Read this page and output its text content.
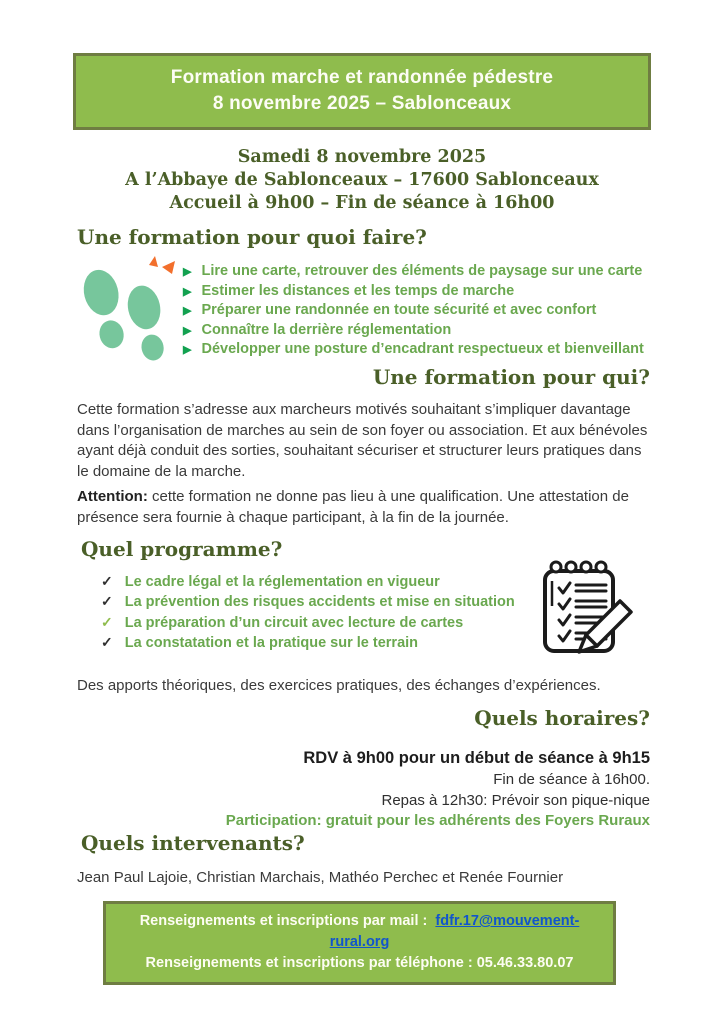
Formation marche et randonnée pédestre
8 novembre 2025 – Sablonceaux
Samedi 8 novembre 2025
A l’Abbaye de Sablonceaux – 17600 Sablonceaux
Accueil à 9h00 – Fin de séance à 16h00
Une formation pour quoi faire?
▶ Lire une carte, retrouver des éléments de paysage sur une carte
▶ Estimer les distances et les temps de marche
▶ Préparer une randonnée en toute sécurité et avec confort
▶ Connaître la derrière réglementation
▶ Développer une posture d’encadrant respectueux et bienveillant
Une formation pour qui?
Cette formation s’adresse aux marcheurs motivés souhaitant s’impliquer davantage dans l’organisation de marches au sein de son foyer ou association. Et aux bénévoles ayant déjà conduit des sorties, souhaitant sécuriser et structurer leurs pratiques dans le domaine de la marche.
Attention: cette formation ne donne pas lieu à une qualification. Une attestation de présence sera fournie à chaque participant, à la fin de la journée.
Quel programme?
✓ Le cadre légal et la réglementation en vigueur
✓ La prévention des risques accidents et mise en situation
✓ La préparation d’un circuit avec lecture de cartes
✓ La constatation et la pratique sur le terrain
Des apports théoriques, des exercices pratiques, des échanges d’expériences.
Quels horaires?
RDV à 9h00 pour un début de séance à 9h15
Fin de séance à 16h00.
Repas à 12h30: Prévoir son pique-nique
Participation: gratuit pour les adhérents des Foyers Ruraux
Quels intervenants?
Jean Paul Lajoie, Christian Marchais, Mathéo Perchec et Renée Fournier
Renseignements et inscriptions par mail : fdfr.17@mouvement-rural.org
Renseignements et inscriptions par téléphone : 05.46.33.80.07
